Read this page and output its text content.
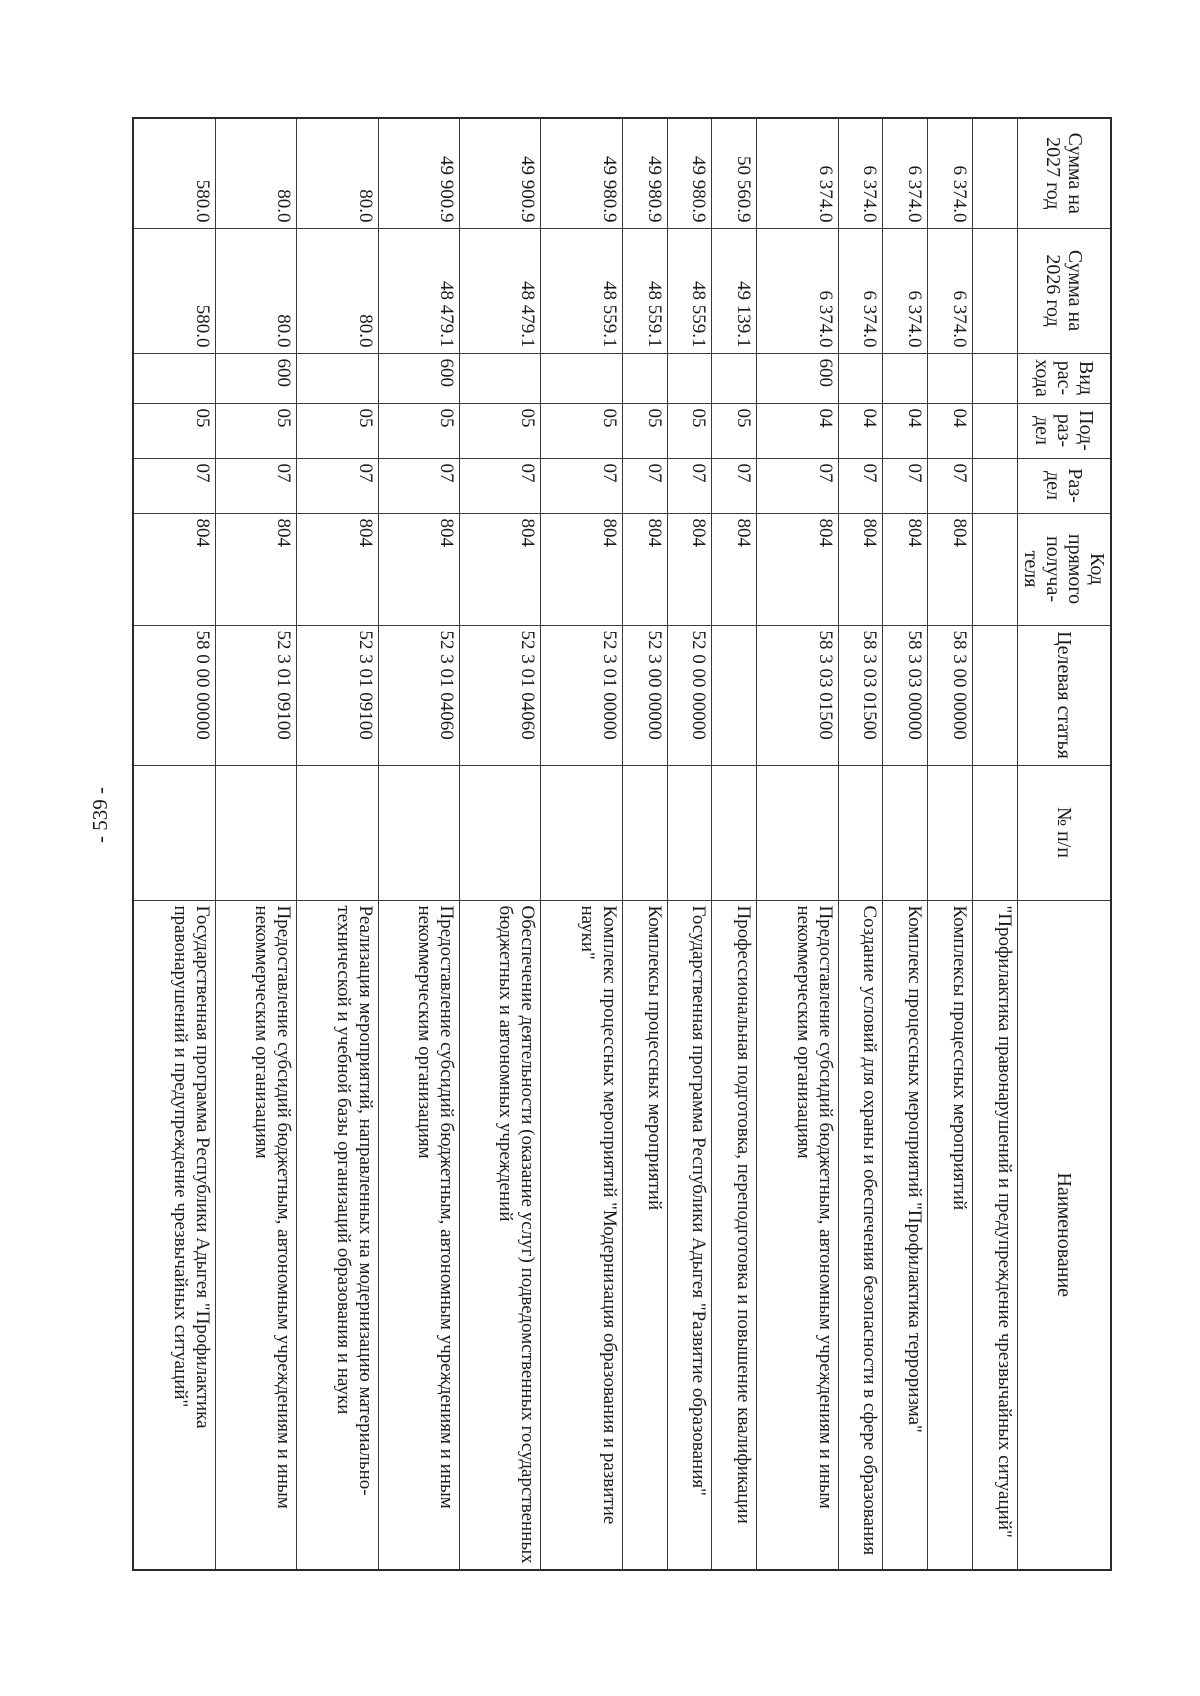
- 539 -
Сумма на 2027 год	Сумма на 2026 год	Вид рас- хода	Под- раз- дел	Раз- дел	Код прямого получа- теля	Целевая статья	№ п/п	Наименование
								"Профилактика правонарушений и предупреждение чрезвычайных ситуаций"
6 374.0	6 374.0		04	07	804	58 3 00 00000		Комплексы процессных мероприятий
6 374.0	6 374.0		04	07	804	58 3 03 00000		Комплекс процессных мероприятий "Профилактика терроризма"
6 374.0	6 374.0		04	07	804	58 3 03 01500		Создание условий для охраны и обеспечения безопасности в сфере образования
6 374.0	6 374.0	600	04	07	804	58 3 03 01500		Предоставление субсидий бюджетным, автономным учреждениям и иным некоммерческим организациям
50 560.9	49 139.1		05	07	804			Профессиональная подготовка, переподготовка и повышение квалификации
49 980.9	48 559.1		05	07	804	52 0 00 00000		Государственная программа Республики Адыгея "Развитие образования"
49 980.9	48 559.1		05	07	804	52 3 00 00000		Комплексы процессных мероприятий
49 980.9	48 559.1		05	07	804	52 3 01 00000		Комплекс процессных мероприятий "Модернизация образования и развитие науки"
49 900.9	48 479.1		05	07	804	52 3 01 04060		Обеспечение деятельности (оказание услуг) подведомственных государственных бюджетных и автономных учреждений
49 900.9	48 479.1	600	05	07	804	52 3 01 04060		Предоставление субсидий бюджетным, автономным учреждениям и иным некоммерческим организациям
80.0	80.0		05	07	804	52 3 01 09100		Реализация мероприятий, направленных на модернизацию материально-технической и учебной базы организаций образования и науки
80.0	80.0	600	05	07	804	52 3 01 09100		Предоставление субсидий бюджетным, автономным учреждениям и иным некоммерческим организациям
580.0	580.0		05	07	804	58 0 00 00000		Государственная программа Республики Адыгея "Профилактика правонарушений и предупреждение чрезвычайных ситуаций"
